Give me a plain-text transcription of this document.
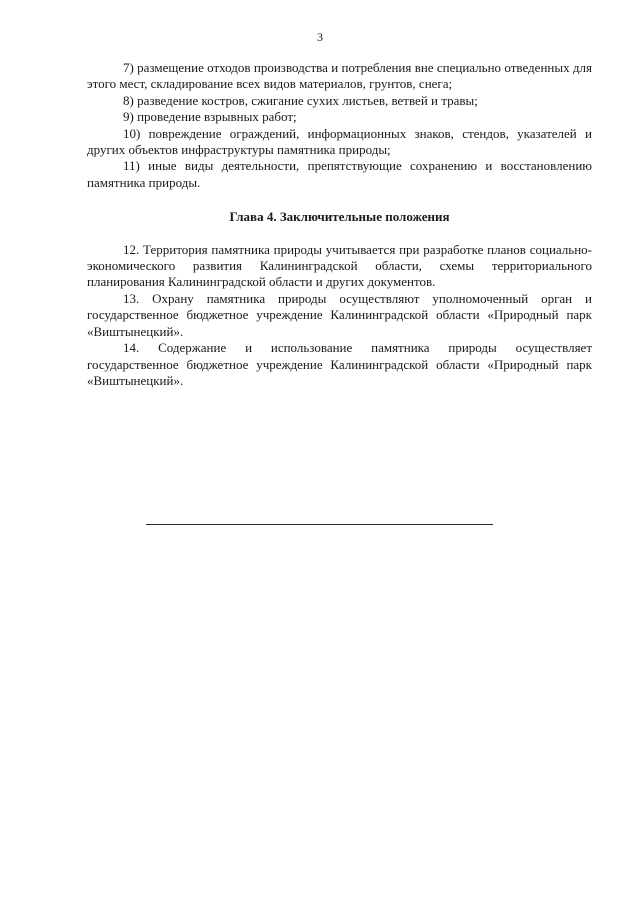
3

7) размещение отходов производства и потребления вне специально отведенных для этого мест, складирование всех видов материалов, грунтов, снега;

8) разведение костров, сжигание сухих листьев, ветвей и травы;

9) проведение взрывных работ;

10) повреждение ограждений, информационных знаков, стендов, указателей и других объектов инфраструктуры памятника природы;

11) иные виды деятельности, препятствующие сохранению и восстановлению памятника природы.

Глава 4. Заключительные положения

12. Территория памятника природы учитывается при разработке планов социально-экономического развития Калининградской области, схемы территориального планирования Калининградской области и других документов.

13. Охрану памятника природы осуществляют уполномоченный орган и государственное бюджетное учреждение Калининградской области «Природный парк «Виштынецкий».

14. Содержание и использование памятника природы осуществляет государственное бюджетное учреждение Калининградской области «Природный парк «Виштынецкий».
